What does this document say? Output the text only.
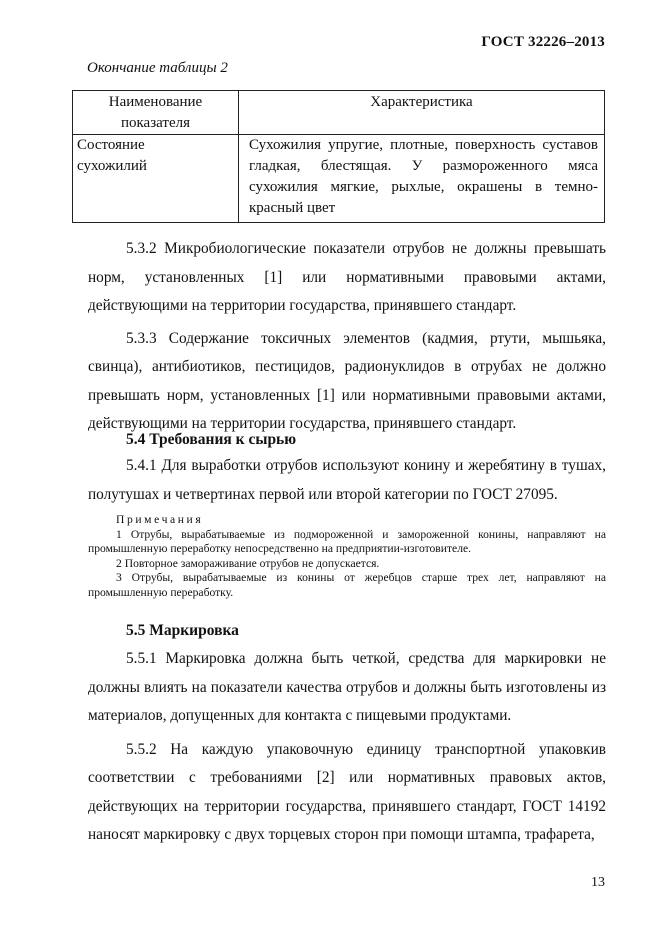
ГОСТ 32226–2013
Окончание таблицы 2
Наименование
показателя	Характеристика

Состояние
сухожилий	Сухожилия упругие, плотные, поверхность суставов гладкая, блестящая. У размороженного мяса сухожилия мягкие, рыхлые, окрашены в темно-красный цвет

5.3.2 Микробиологические показатели отрубов не должны превышать норм, установленных [1] или нормативными правовыми актами, действующими на территории государства, принявшего стандарт.

5.3.3 Содержание токсичных элементов (кадмия, ртути, мышьяка, свинца), антибиотиков, пестицидов, радионуклидов в отрубах не должно превышать норм, установленных [1] или нормативными правовыми актами, действующими на территории государства, принявшего стандарт.

5.4 Требования к сырью

5.4.1 Для выработки отрубов используют конину и жеребятину в тушах, полутушах и четвертинах первой или второй категории по ГОСТ 27095.

Примечания

1 Отрубы, вырабатываемые из подмороженной и замороженной конины, направляют на промышленную переработку непосредственно на предприятии-изготовителе.

2 Повторное замораживание отрубов не допускается.

3 Отрубы, вырабатываемые из конины от жеребцов старше трех лет, направляют на промышленную переработку.

5.5 Маркировка

5.5.1 Маркировка должна быть четкой, средства для маркировки не должны влиять на показатели качества отрубов и должны быть изготовлены из материалов, допущенных для контакта с пищевыми продуктами.

5.5.2 На каждую упаковочную единицу транспортной упаковкив соответствии с требованиями [2] или нормативных правовых актов, действующих на территории государства, принявшего стандарт, ГОСТ 14192 наносят маркировку с двух торцевых сторон при помощи штампа, трафарета,

13
